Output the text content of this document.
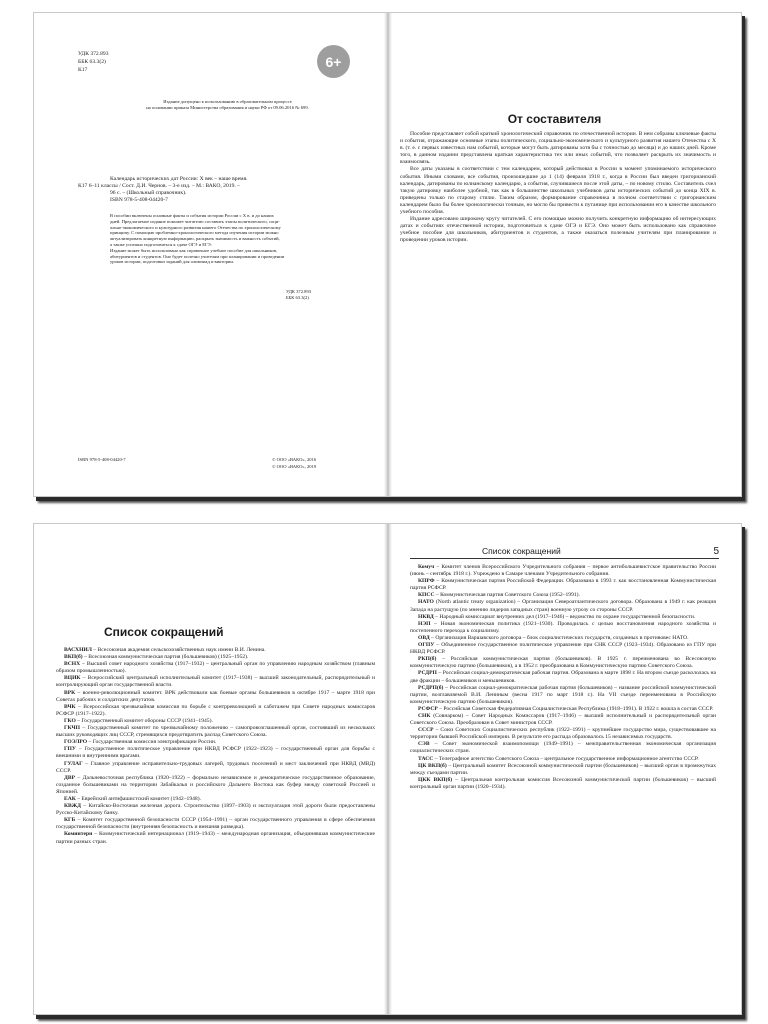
УДК 372.893
ББК 63.3(2)
К17
6+
Издание допущено к использованию в образовательном процессе
на основании приказа Министерства образования и науки РФ от 09.06.2016 № 699.
Календарь исторических дат России: X век – наше время.
К17 6–11 классы / Сост. Д.И. Чернов. – 3-е изд. – М.: ВАКО, 2019. –
96 с. – (Школьный справочник).
ISBN 978-5-408-04420-7
В пособии включены основные факты и события истории России с X в. и до наших
дней. Предлагаемое издание поможет читателю составить этапы политического, соци-
ально-экономического и культурного развития нашего Отечества по хронологическому
принципу. С помощью проблемно-хронологического метода изучения истории можно
актуализировать конкретную информацию, раскрыть значимость и важность событий,
а также успешно подготовиться к сдаче ОГЭ и ЕГЭ.
Издание может быть использовано как справочное учебное пособие для школьников,
абитуриентов и студентов. Оно будет полезно учителям при планировании и проведении
уроков истории, подготовки заданий для олимпиад и викторин.
УДК 372.893
ББК 63.3(2)
ISBN 978-5-408-04420-7	© ООО «ВАКО», 2016
© ООО «ВАКО», 2019
От составителя

Пособие представляет собой краткий хронологический справочник по отечественной истории. В нем собраны ключевые факты и события, отражающие основные этапы политического, социально-экономического и культурного развития нашего Отечества с X в. (т. е. с первых известных нам событий, которые могут быть датированы хотя бы с точностью до месяца) и до наших дней. Кроме того, в данном издании представлена краткая характеристика тех или иных событий, что позволяет раскрыть их значимость и взаимосвязь.

Все даты указаны в соответствии с тем календарем, который действовал в России в момент упоминаемого исторического события. Иными словами, все события, произошедшие до 1 (14) февраля 1918 г., когда в России был введен григорианский календарь, датированы по юлианскому календарю, а события, случившиеся после этой даты, – по новому стилю. Составитель счел такую датировку наиболее удобной, так как в большинстве школьных учебников даты исторических событий до конца XIX в. приведены только по старому стилю. Таким образом, формирование справочника в полном соответствии с григорианским календарем было бы более хронологически точным, но могло бы привести к путанице при использовании его в качестве школьного учебного пособия.

Издание адресовано широкому кругу читателей. С его помощью можно получить конкретную информацию об интересующих датах и событиях отечественной истории, подготовиться к сдаче ОГЭ и ЕГЭ. Оно может быть использовано как справочное учебное пособие для школьников, абитуриентов и студентов, а также оказаться полезным учителям при планировании и проведении уроков истории.

Список сокращений

ВАСХНИЛ – Всесоюзная академия сельскохозяйственных наук имени В.И. Ленина.

ВКП(б) – Всесоюзная коммунистическая партия (большевиков) (1925–1952).

ВСНХ – Высший совет народного хозяйства (1917–1932) – центральный орган по управлению народным хозяйством (главным образом промышленностью).

ВЦИК – Всероссийский центральный исполнительный комитет (1917–1938) – высший законодательный, распорядительный и контролирующий орган государственной власти.

ВРК – военно-революционный комитет. ВРК действовали как боевые органы большевиков в октябре 1917 – марте 1918 при Советах рабочих и солдатских депутатов.

ВЧК – Всероссийская чрезвычайная комиссия по борьбе с контрреволюцией и саботажем при Совете народных комиссаров РСФСР (1917–1922).

ГКО – Государственный комитет обороны СССР (1941–1945).

ГКЧП – Государственный комитет по чрезвычайному положению – самопровозглашенный орган, состоявший из нескольких высших руководящих лиц СССР, стремящихся предотвратить распад Советского Союза.

ГОЭЛРО – Государственная комиссия электрификации России.

ГПУ – Государственное политическое управление при НКВД РСФСР (1922–1923) – государственный орган для борьбы с внешними и внутренними врагами.

ГУЛАГ – Главное управление исправительно-трудовых лагерей, трудовых поселений и мест заключений при НКВД (МВД) СССР.

ДВР – Дальневосточная республика (1920–1922) – формально независимое и демократическое государственное образование, созданное большевиками на территории Забайкалья и российского Дальнего Востока как буфер между советской Россией и Японией.

ЕАК – Еврейский антифашистский комитет (1942–1948).

КВЖД – Китайско-Восточная железная дорога. Строительство (1897–1903) и эксплуатация этой дороги были предоставлены Русско-Китайскому банку.

КГБ – Комитет государственной безопасности СССР (1954–1991) – орган государственного управления в сфере обеспечения государственной безопасности (внутренняя безопасность и внешняя разведка).

Коминтерн – Коммунистический интернационал (1919–1943) – международная организация, объединявшая коммунистические партии разных стран.

Список сокращений	5

Комуч – Комитет членов Всероссийского Учредительного собрания – первое антибольшевистское правительство России (июнь – сентябрь 1918 г.). Учреждено в Самаре членами Учредительного собрания.

КПРФ – Коммунистическая партия Российской Федерации. Образована в 1993 г. как восстановленная Коммунистическая партия РСФСР.

КПСС – Коммунистическая партия Советского Союза (1952–1991).

НАТО (North atlantic treaty organization) – Организация Североатлантического договора. Образована в 1949 г. как реакция Запада на растущую (по мнению лидеров западных стран) военную угрозу со стороны СССР.

НКВД – Народный комиссариат внутренних дел (1917–1946) – ведомство по охране государственной безопасности.

НЭП – Новая экономическая политика (1921–1930). Проводилась с целью восстановления народного хозяйства и постепенного перехода к социализму.

ОВД – Организация Варшавского договора – блок социалистических государств, созданных в противовес НАТО.

ОГПУ – Объединенное государственное политическое управление при СНК СССР (1923–1934). Образовано из ГПУ при НКВД РСФСР.

РКП(б) – Российская коммунистическая партия (большевиков). В 1925 г. переименована во Всесоюзную коммунистическую партию (большевиков), а в 1952 г. преобразована в Коммунистическую партию Советского Союза.

РСДРП – Российская социал-демократическая рабочая партия. Образована в марте 1898 г. На втором съезде раскололась на две фракции – большевиков и меньшевиков.

РСДРП(б) – Российская социал-демократическая рабочая партия (большевиков) – название российской коммунистической партии, возглавляемой В.И. Лениным (весна 1917 по март 1918 г.). На VII съезде переименована в Российскую коммунистическую партию (большевиков).

РСФСР – Российская Советская Федеративная Социалистическая Республика (1918–1991). В 1922 г. вошла в состав СССР.

СНК (Совнарком) – Совет Народных Комиссаров (1917–1946) – высший исполнительный и распорядительный орган Советского Союза. Преобразован в Совет министров СССР.

СССР – Союз Советских Социалистических республик (1922–1991) – крупнейшее государство мира, существовавшее на территории бывшей Российской империи. В результате его распада образовалось 15 независимых государств.

СЭВ – Совет экономической взаимопомощи (1949–1991) – межправительственная экономическая организация социалистических стран.

ТАСС – Телеграфное агентство Советского Союза – центральное государственное информационное агентство СССР.

ЦК ВКП(б) – Центральный комитет Всесоюзной коммунистической партии (большевиков) – высший орган в промежутках между съездами партии.

ЦКК ВКП(б) – Центральная контрольная комиссия Всесоюзной коммунистической партии (большевиков) – высший контрольный орган партии (1920–1934).
